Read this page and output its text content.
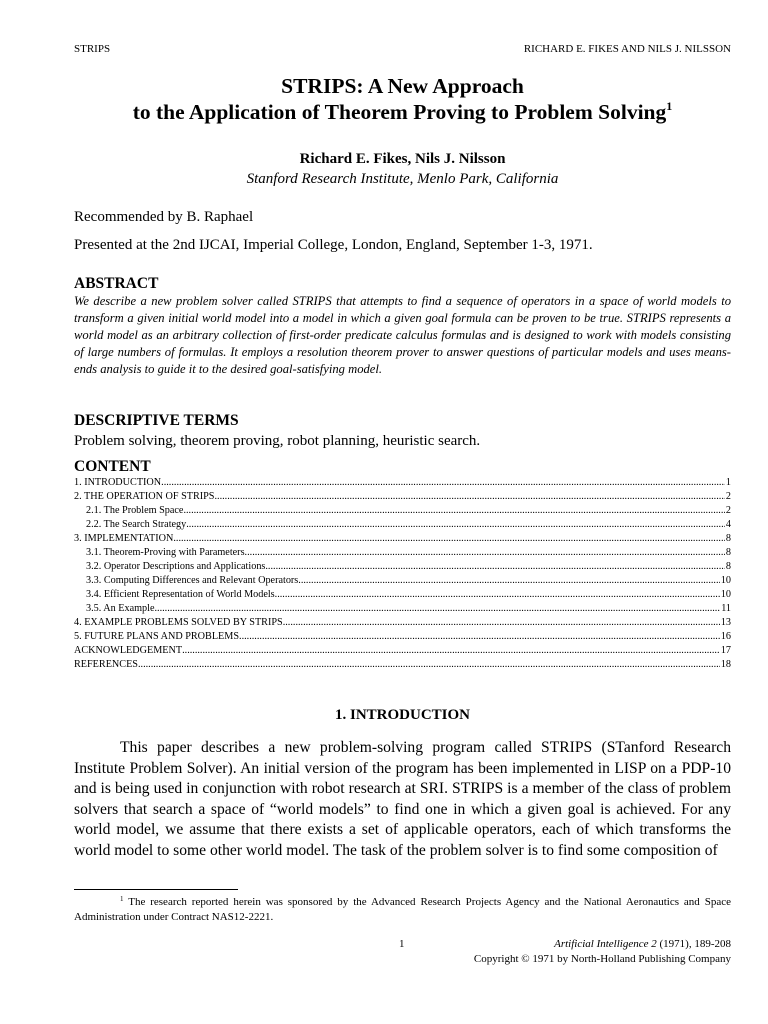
STRIPS	RICHARD E. FIKES AND NILS J. NILSSON
STRIPS: A New Approach
to the Application of Theorem Proving to Problem Solving$^1$
Richard E. Fikes, Nils J. Nilsson
Stanford Research Institute, Menlo Park, California
Recommended by B. Raphael
Presented at the 2nd IJCAI, Imperial College, London, England, September 1-3, 1971.
ABSTRACT
We describe a new problem solver called STRIPS that attempts to find a sequence of operators in a space of world models to transform a given initial world model into a model in which a given goal formula can be proven to be true. STRIPS represents a world model as an arbitrary collection of first-order predicate calculus formulas and is designed to work with models consisting of large numbers of formulas. It employs a resolution theorem prover to answer questions of particular models and uses means-ends analysis to guide it to the desired goal-satisfying model.
DESCRIPTIVE TERMS
Problem solving, theorem proving, robot planning, heuristic search.
CONTENT
1. INTRODUCTION .....	1
2. THE OPERATION OF STRIPS .....	2
2.1. The Problem Space .....	2
2.2. The Search Strategy .....	4
3. IMPLEMENTATION .....	8
3.1. Theorem-Proving with Parameters .....	8
3.2. Operator Descriptions and Applications .....	8
3.3. Computing Differences and Relevant Operators .....	10
3.4. Efficient Representation of World Models .....	10
3.5. An Example .....	11
4. EXAMPLE PROBLEMS SOLVED BY STRIPS .....	13
5. FUTURE PLANS AND PROBLEMS .....	16
ACKNOWLEDGEMENT .....	17
REFERENCES .....	18
1. INTRODUCTION
This paper describes a new problem-solving program called STRIPS (STanford Research Institute Problem Solver). An initial version of the program has been implemented in LISP on a PDP-10 and is being used in conjunction with robot research at SRI. STRIPS is a member of the class of problem solvers that search a space of “world models” to find one in which a given goal is achieved. For any world model, we assume that there exists a set of applicable operators, each of which transforms the world model to some other world model. The task of the problem solver is to find some composition of
$^1$ The research reported herein was sponsored by the Advanced Research Projects Agency and the National Aeronautics and Space Administration under Contract NAS12-2221.
1	Artificial Intelligence 2 (1971), 189-208
Copyright © 1971 by North-Holland Publishing Company
